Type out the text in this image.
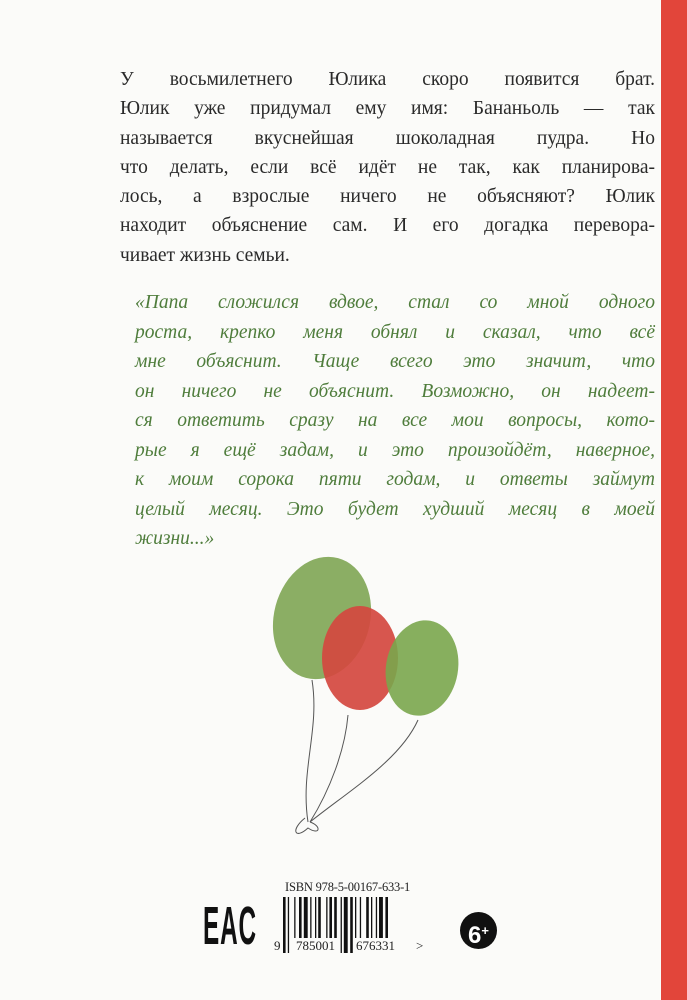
У восьмилетнего Юлика скоро появится брат.
Юлик уже придумал ему имя: Бананьоль — так
называется вкуснейшая шоколадная пудра. Но
что делать, если всё идёт не так, как планирова-
лось, а взрослые ничего не объясняют? Юлик
находит объяснение сам. И его догадка перевора-
чивает жизнь семьи.
«Папа сложился вдвое, стал со мной одного
роста, крепко меня обнял и сказал, что всё
мне объяснит. Чаще всего это значит, что
он ничего не объяснит. Возможно, он надеет-
ся ответить сразу на все мои вопросы, кото-
рые я ещё задам, и это произойдёт, наверное,
к моим сорока пяти годам, и ответы займут
целый месяц. Это будет худший месяц в моей
жизни...»
ISBN 978-5-00167-633-1
9 785001 676331 >
EAC	6+
